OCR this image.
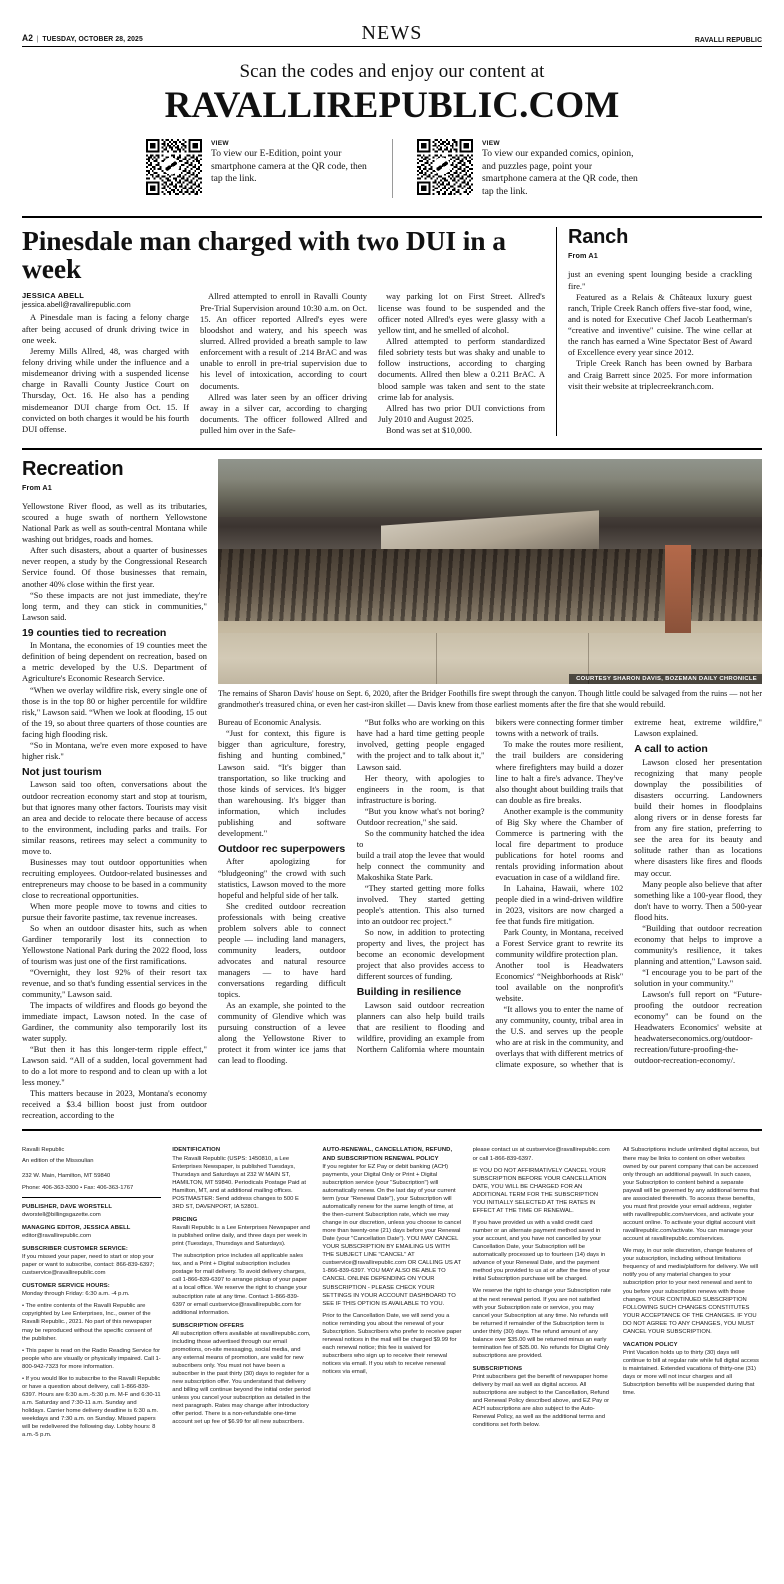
A2 | TUESDAY, OCTOBER 28, 2025	NEWS	RAVALLI REPUBLIC
Scan the codes and enjoy our content at
RAVALLIREPUBLIC.COM
VIEW
To view our E-Edition, point your smartphone camera at the QR code, then tap the link.
VIEW
To view our expanded comics, opinion, and puzzles page, point your smartphone camera at the QR code, then tap the link.
Pinesdale man charged with two DUI in a week
JESSICA ABELL
jessica.abell@ravallirepublic.com

A Pinesdale man is facing a felony charge after being accused of drunk driving twice in one week.

Jeremy Mills Allred, 48, was charged with felony driving while under the influence and a misdemeanor driving with a suspended license charge in Ravalli County Justice Court on Thursday, Oct. 16. He also has a pending misdemeanor DUI charge from Oct. 15. If convicted on both charges it would be his fourth DUI offense.

Allred attempted to enroll in Ravalli County Pre-Trial Supervision around 10:30 a.m. on Oct. 15. An officer reported Allred's eyes were bloodshot and watery, and his speech was slurred. Allred provided a breath sample to law enforcement with a result of .214 BrAC and was unable to enroll in pre-trial supervision due to his level of intoxication, according to court documents.

Allred was later seen by an officer driving away in a silver car, according to charging documents. The officer followed Allred and pulled him over in the Safe-

way parking lot on First Street. Allred's license was found to be suspended and the officer noted Allred's eyes were glassy with a yellow tint, and he smelled of alcohol.

Allred attempted to perform standardized filed sobriety tests but was shaky and unable to follow instructions, according to charging documents. Allred then blew a 0.211 BrAC. A blood sample was taken and sent to the state crime lab for analysis.

Allred has two prior DUI convictions from July 2010 and August 2025.

Bond was set at $10,000.

Ranch
From A1

just an evening spent lounging beside a crackling fire."

Featured as a Relais & Châteaux luxury guest ranch, Triple Creek Ranch offers five-star food, wine, and is noted for Executive Chef Jacob Leatherman's “creative and inventive" cuisine. The wine cellar at the ranch has earned a Wine Spectator Best of Award of Excellence every year since 2012.

Triple Creek Ranch has been owned by Barbara and Craig Barrett since 2025. For more information visit their website at triplecreekranch.com.

Recreation
From A1

Yellowstone River flood, as well as its tributaries, scoured a huge swath of northern Yellowstone National Park as well as south-central Montana while washing out bridges, roads and homes.

After such disasters, about a quarter of businesses never reopen, a study by the Congressional Research Service found. Of those businesses that remain, another 40% close within the first year.

“So these impacts are not just immediate, they're long term, and they can stick in communities," Lawson said.

19 counties tied to recreation

In Montana, the economies of 19 counties meet the definition of being dependent on recreation, based on a metric developed by the U.S. Department of Agriculture's Economic Research Service.

“When we overlay wildfire risk, every single one of those is in the top 80 or higher percentile for wildfire risk," Lawson said. “When we look at flooding, 15 out of the 19, so about three quarters of those counties are facing high flooding risk.

“So in Montana, we're even more exposed to have higher risk."

Not just tourism

Lawson said too often, conversations about the outdoor recreation economy start and stop at tourism, but that ignores many other factors. Tourists may visit an area and decide to relocate there because of access to the environment, including parks and trails. For similar reasons, retirees may select a community to move to.

Businesses may tout outdoor opportunities when recruiting employees. Outdoor-related businesses and entrepreneurs may choose to be based in a community close to recreational opportunities.

When more people move to towns and cities to pursue their favorite pastime, tax revenue increases.

So when an outdoor disaster hits, such as when Gardiner temporarily lost its connection to Yellowstone National Park during the 2022 flood, loss of tourism was just one of the first ramifications.

“Overnight, they lost 92% of their resort tax revenue, and so that's funding essential services in the community," Lawson said.

The impacts of wildfires and floods go beyond the immediate impact, Lawson noted. In the case of Gardiner, the community also temporarily lost its water supply.

“But then it has this longer-term ripple effect," Lawson said. “All of a sudden, local government had to do a lot more to respond and to clean up with a lot less money."

This matters because in 2023, Montana's economy received a $3.4 billion boost just from outdoor recreation, according to the

COURTESY SHARON DAVIS, BOZEMAN DAILY CHRONICLE
The remains of Sharon Davis' house on Sept. 6, 2020, after the Bridger Foothills fire swept through the canyon. Though little could be salvaged from the ruins — not her grandmother's treasured china, or even her cast-iron skillet — Davis knew from those earliest moments after the fire that she would rebuild.

Bureau of Economic Analysis.

“Just for context, this figure is bigger than agriculture, forestry, fishing and hunting combined," Lawson said. “It's bigger than transportation, so like trucking and those kinds of services. It's bigger than warehousing. It's bigger than information, which includes publishing and software development."

Outdoor rec superpowers

After apologizing for “bludgeoning" the crowd with such statistics, Lawson moved to the more hopeful and helpful side of her talk.

She credited outdoor recreation professionals with being creative problem solvers able to connect people — including land managers, community leaders, outdoor advocates and natural resource managers — to have hard conversations regarding difficult topics.

As an example, she pointed to the community of Glendive which was pursuing construction of a levee along the Yellowstone River to protect it from winter ice jams that can lead to flooding.

“But folks who are working on this have had a hard time getting people involved, getting people engaged with the project and to talk about it," Lawson said.

Her theory, with apologies to engineers in the room, is that infrastructure is boring.

“But you know what's not boring? Outdoor recreation," she said.

So the community hatched the idea to

build a trail atop the levee that would help connect the community and Makoshika State Park.

“They started getting more folks involved. They started getting people's attention. This also turned into an outdoor rec project."

So now, in addition to protecting property and lives, the project has become an economic development project that also provides access to different sources of funding.

Building in resilience

Lawson said outdoor recreation planners can also help build trails that are resilient to flooding and wildfire, providing an example from Northern California where mountain bikers were connecting former timber towns with a network of trails.

To make the routes more resilient, the trail builders are considering where firefighters may build a dozer line to halt a fire's advance. They've also thought about building trails that can double as fire breaks.

Another example is the community of Big Sky where the Chamber of Commerce is partnering with the local fire department to produce publications for hotel rooms and rentals providing information about evacuation in case of a wildland fire.

In Lahaina, Hawaii, where 102 people died in a wind-driven wildfire in 2023, visitors are now charged a fee that funds fire mitigation.

Park County, in Montana, received a Forest Service grant to rewrite its community wildfire protection plan.

Another tool is Headwaters Economics' “Neighborhoods at Risk" tool available on the nonprofit's website.

“It allows you to enter the name of any community, county, tribal area in the U.S. and serves up the people who are at risk in the community, and overlays that with different metrics of climate exposure, so whether that is extreme heat, extreme wildfire," Lawson explained.

A call to action

Lawson closed her presentation recognizing that many people downplay the possibilities of disasters occurring. Landowners build their homes in floodplains along rivers or in dense forests far from any fire station, preferring to see the area for its beauty and solitude rather than as locations where disasters like fires and floods may occur.

Many people also believe that after something like a 100-year flood, they don't have to worry. Then a 500-year flood hits.

“Building that outdoor recreation economy that helps to improve a community's resilience, it takes planning and attention," Lawson said.

“I encourage you to be part of the solution in your community."

Lawson's full report on “Future-proofing the outdoor recreation economy" can be found on the Headwaters Economics' website at headwaterseconomics.org/outdoor-recreation/future-proofing-the-outdoor-recreation-economy/.

Ravalli Republic
An edition of the Missoulian
232 W. Main, Hamilton, MT 59840
Phone: 406-363-3300 • Fax: 406-363-1767
PUBLISHER, DAVE WORSTELL
dworstell@billingsgazette.com
MANAGING EDITOR, JESSICA ABELL
editor@ravallirepublic.com
SUBSCRIBER CUSTOMER SERVICE:
If you missed your paper, need to start or stop your paper or want to subscribe, contact: 866-839-6397; custservice@ravallirepublic.com
CUSTOMER SERVICE HOURS:
Monday through Friday: 6:30 a.m. -4 p.m.
• The entire contents of the Ravalli Republic are copyrighted by Lee Enterprises, Inc., owner of the Ravalli Republic., 2021. No part of this newspaper may be reproduced without the specific consent of the publisher.
• This paper is read on the Radio Reading Service for people who are visually or physically impaired. Call 1-800-942-7323 for more information.
• If you would like to subscribe to the Ravalli Republic or have a question about delivery, call 1-866-839-6397. Hours are 6:30 a.m.-5:30 p.m. M-F and 6:30-11 a.m. Saturday and 7:30-11 a.m. Sunday and holidays. Carrier home delivery deadline is 6:30 a.m. weekdays and 7:30 a.m. on Sunday. Missed papers will be redelivered the following day. Lobby hours: 8 a.m.-5 p.m.
IDENTIFICATION
The Ravalli Republic (USPS: 1450810, a Lee Enterprises Newspaper, is published Tuesdays, Thursdays and Saturdays at 232 W MAIN ST, HAMILTON, MT 59840. Periodicals Postage Paid at Hamilton, MT, and at additional mailing offices. POSTMASTER: Send address changes to 500 E 3RD ST, DAVENPORT, IA 52801.
PRICING
Ravalli Republic is a Lee Enterprises Newspaper and is published online daily, and three days per week in print (Tuesdays, Thursdays and Saturdays).
The subscription price includes all applicable sales tax, and a Print + Digital subscription includes postage for mail delivery. To avoid delivery charges, call 1-866-839-6397 to arrange pickup of your paper at a local office. We reserve the right to change your subscription rate at any time. Contact 1-866-839-6397 or email custservice@ravallirepublic.com for additional information.
SUBSCRIPTION OFFERS
All subscription offers available at ravallirepublic.com, including those advertised through our email promotions, on-site messaging, social media, and any external means of promotion, are valid for new subscribers only. You must not have been a subscriber in the past thirty (30) days to register for a new subscription offer. You understand that delivery and billing will continue beyond the initial order period unless you cancel your subscription as detailed in the next paragraph. Rates may change after introductory offer period. There is a non-refundable one-time account set up fee of $6.99 for all new subscribers.
AUTO-RENEWAL, CANCELLATION, REFUND, AND SUBSCRIPTION RENEWAL POLICY
If you register for EZ Pay or debit banking (ACH) payments, your Digital Only or Print + Digital subscription service (your "Subscription") will automatically renew. On the last day of your current term (your "Renewal Date"), your Subscription will automatically renew for the same length of time, at the then-current Subscription rate, which we may change in our discretion, unless you choose to cancel more than twenty-one (21) days before your Renewal Date (your "Cancellation Date"). YOU MAY CANCEL YOUR SUBSCRIPTION BY EMAILING US WITH THE SUBJECT LINE "CANCEL" AT custservice@ravallirepublic.com OR CALLING US AT 1-866-839-6397. YOU MAY ALSO BE ABLE TO CANCEL ONLINE DEPENDING ON YOUR SUBSCRIPTION - PLEASE CHECK YOUR SETTINGS IN YOUR ACCOUNT DASHBOARD TO SEE IF THIS OPTION IS AVAILABLE TO YOU.
Prior to the Cancellation Date, we will send you a notice reminding you about the renewal of your Subscription. Subscribers who prefer to receive paper renewal notices in the mail will be charged $9.99 for each renewal notice; this fee is waived for subscribers who sign up to receive their renewal notices via email. If you wish to receive renewal notices via email,
please contact us at custservice@ravallirepublic.com or call 1-866-839-6397.
IF YOU DO NOT AFFIRMATIVELY CANCEL YOUR SUBSCRIPTION BEFORE YOUR CANCELLATION DATE, YOU WILL BE CHARGED FOR AN ADDITIONAL TERM FOR THE SUBSCRIPTION YOU INITIALLY SELECTED AT THE RATES IN EFFECT AT THE TIME OF RENEWAL.
If you have provided us with a valid credit card number or an alternate payment method saved in your account, and you have not cancelled by your Cancellation Date, your Subscription will be automatically processed up to fourteen (14) days in advance of your Renewal Date, and the payment method you provided to us at or after the time of your initial Subscription purchase will be charged.
We reserve the right to change your Subscription rate at the next renewal period. If you are not satisfied with your Subscription rate or service, you may cancel your Subscription at any time. No refunds will be returned if remainder of the Subscription term is under thirty (30) days. The refund amount of any balance over $35.00 will be returned minus an early termination fee of $35.00. No refunds for Digital Only subscriptions are provided.
SUBSCRIPTIONS
Print subscribers get the benefit of newspaper home delivery by mail as well as digital access. All subscriptions are subject to the Cancellation, Refund and Renewal Policy described above, and EZ Pay or ACH subscriptions are also subject to the Auto-Renewal Policy, as well as the additional terms and conditions set forth below.
All Subscriptions include unlimited digital access, but there may be links to content on other websites owned by our parent company that can be accessed only through an additional paywall. In such cases, your Subscription to content behind a separate paywall will be governed by any additional terms that are associated therewith. To access these benefits, you must first provide your email address, register with ravallirepublic.com/services, and activate your account online. To activate your digital account visit ravallirepublic.com/activate. You can manage your account at ravallirepublic.com/services.
We may, in our sole discretion, change features of your subscription, including without limitations frequency of and media/platform for delivery. We will notify you of any material changes to your subscription prior to your next renewal and sent to you before your subscription renews with those changes. YOUR CONTINUED SUBSCRIPTION FOLLOWING SUCH CHANGES CONSTITUTES YOUR ACCEPTANCE OF THE CHANGES. IF YOU DO NOT AGREE TO ANY CHANGES, YOU MUST CANCEL YOUR SUBSCRIPTION.
VACATION POLICY
Print Vacation holds up to thirty (30) days will continue to bill at regular rate while full digital access is maintained. Extended vacations of thirty-one (31) days or more will not incur charges and all Subscription benefits will be suspended during that time.
